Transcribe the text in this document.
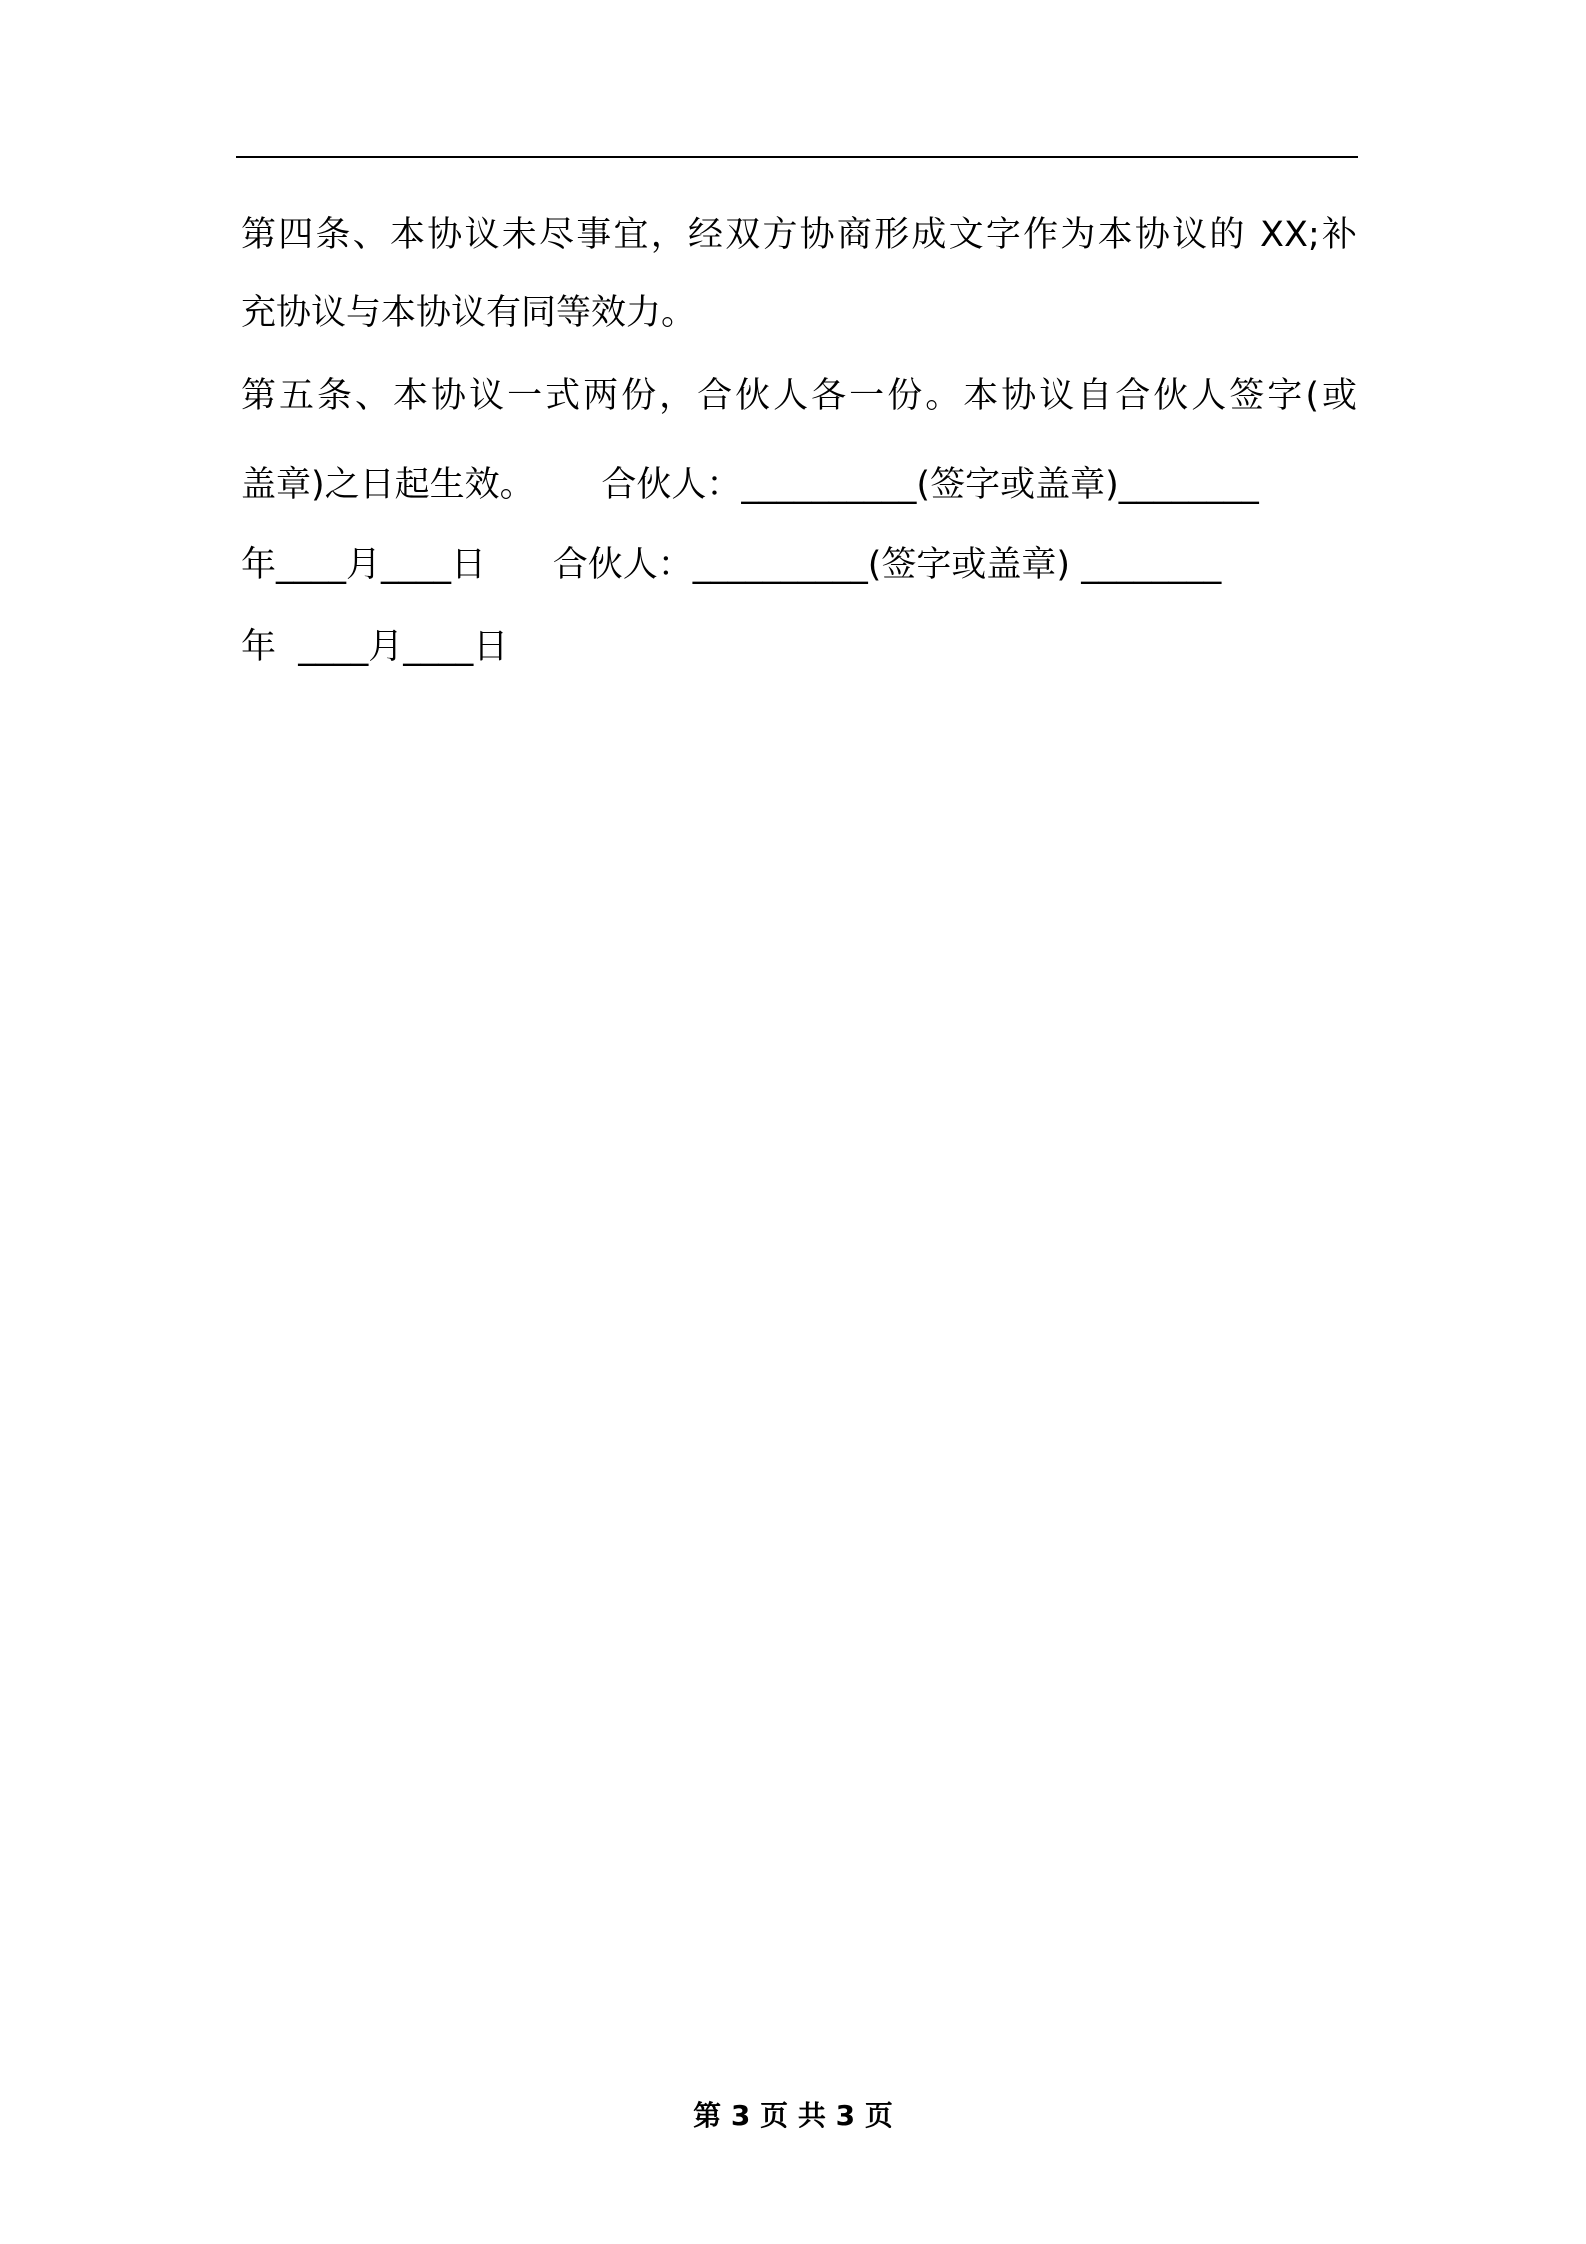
第四条、本协议未尽事宜，经双方协商形成文字作为本协议的 XX;补
充协议与本协议有同等效力。
第五条、本协议一式两份，合伙人各一份。本协议自合伙人签字(或
盖章)之日起生效。      合伙人：__________(签字或盖章)________
年____月____日      合伙人：__________(签字或盖章) ________
年  ____月____日
第 3 页 共 3 页
